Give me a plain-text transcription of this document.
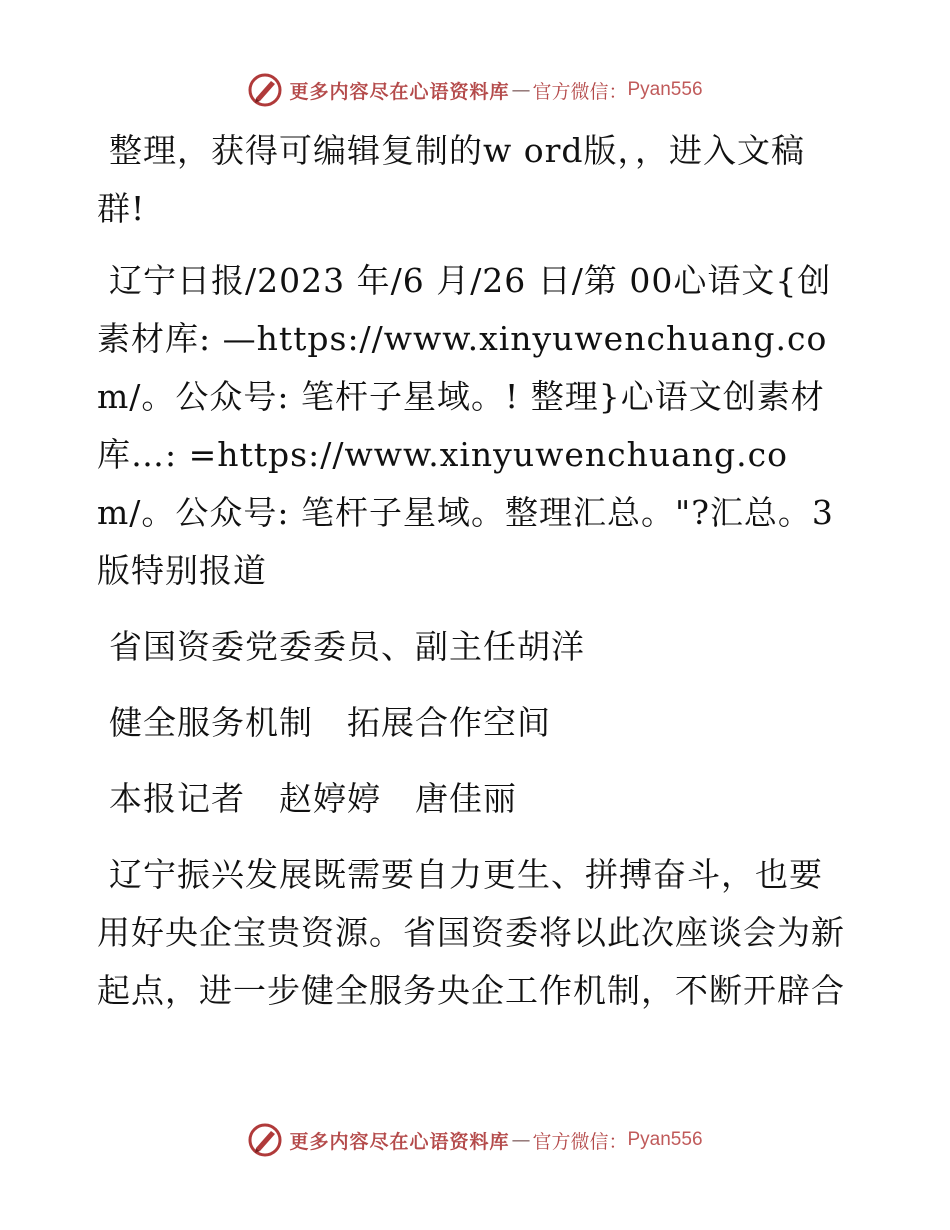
更多内容尽在心语资料库 — 官方微信： Pyan556

整理，获得可编辑复制的w ord版，，进入文稿群!

辽宁日报/2023 年/6 月/26 日/第 00心语文{创素材库: —https://www.xinyuwenchuang.com/。公众号: 笔杆子星域。! 整理}心语文创素材库…: =https://www.xinyuwenchuang.com/。公众号: 笔杆子星域。整理汇总。"?汇总。3 版特别报道

省国资委党委委员、副主任胡洋

健全服务机制　拓展合作空间

本报记者　赵婷婷　唐佳丽

辽宁振兴发展既需要自力更生、拼搏奋斗，也要用好央企宝贵资源。省国资委将以此次座谈会为新起点，进一步健全服务央企工作机制，不断开辟合

更多内容尽在心语资料库 — 官方微信： Pyan556
